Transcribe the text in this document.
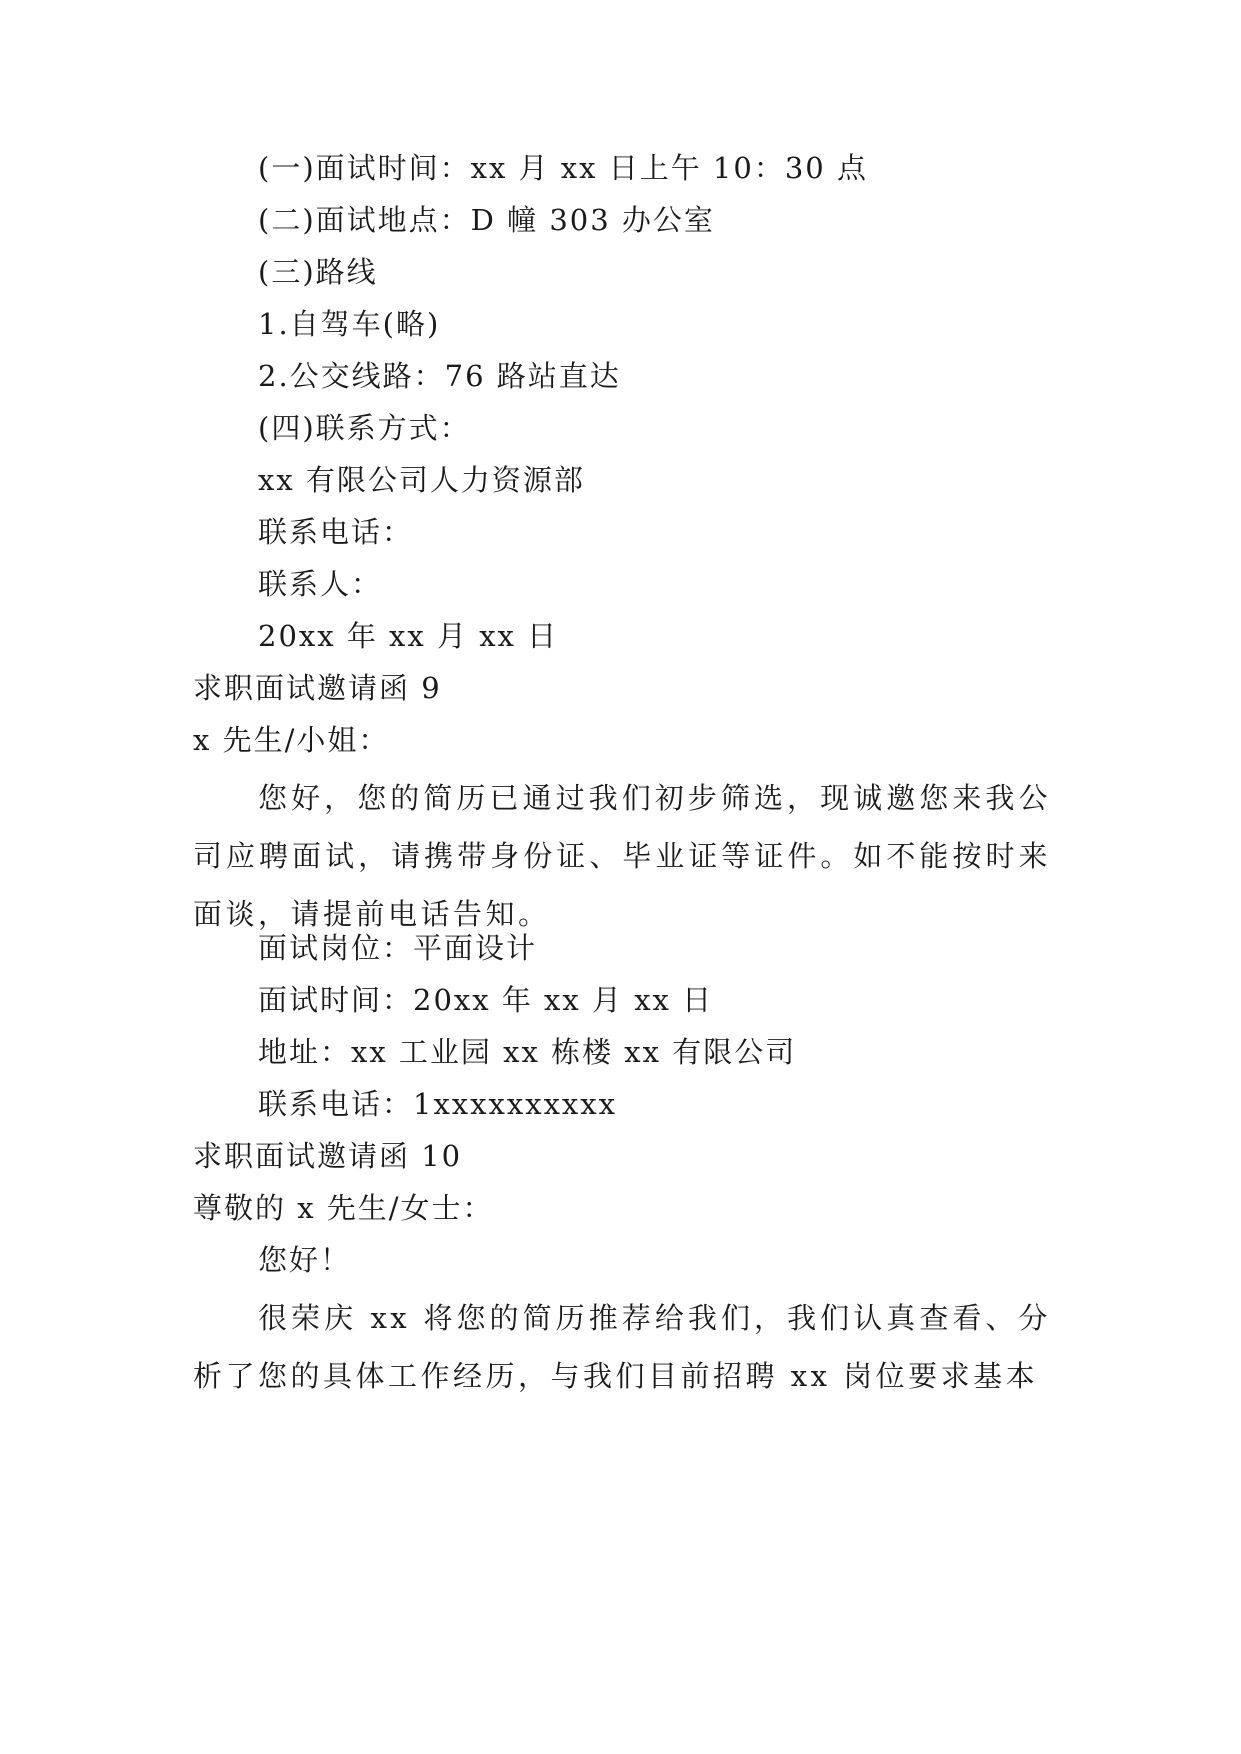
(一)面试时间：xx 月 xx 日上午 10：30 点

(二)面试地点：D 幢 303 办公室

(三)路线

1.自驾车(略)

2.公交线路：76 路站直达

(四)联系方式：

xx 有限公司人力资源部

联系电话：

联系人：

20xx 年 xx 月 xx 日

求职面试邀请函 9

x 先生/小姐：

您好，您的简历已通过我们初步筛选，现诚邀您来我公司应聘面试，请携带身份证、毕业证等证件。如不能按时来面谈，请提前电话告知。

面试岗位：平面设计

面试时间：20xx 年 xx 月 xx 日

地址：xx 工业园 xx 栋楼 xx 有限公司

联系电话：1xxxxxxxxxx

求职面试邀请函 10

尊敬的 x 先生/女士：

您好！

很荣庆 xx 将您的简历推荐给我们，我们认真查看、分析了您的具体工作经历，与我们目前招聘 xx 岗位要求基本
